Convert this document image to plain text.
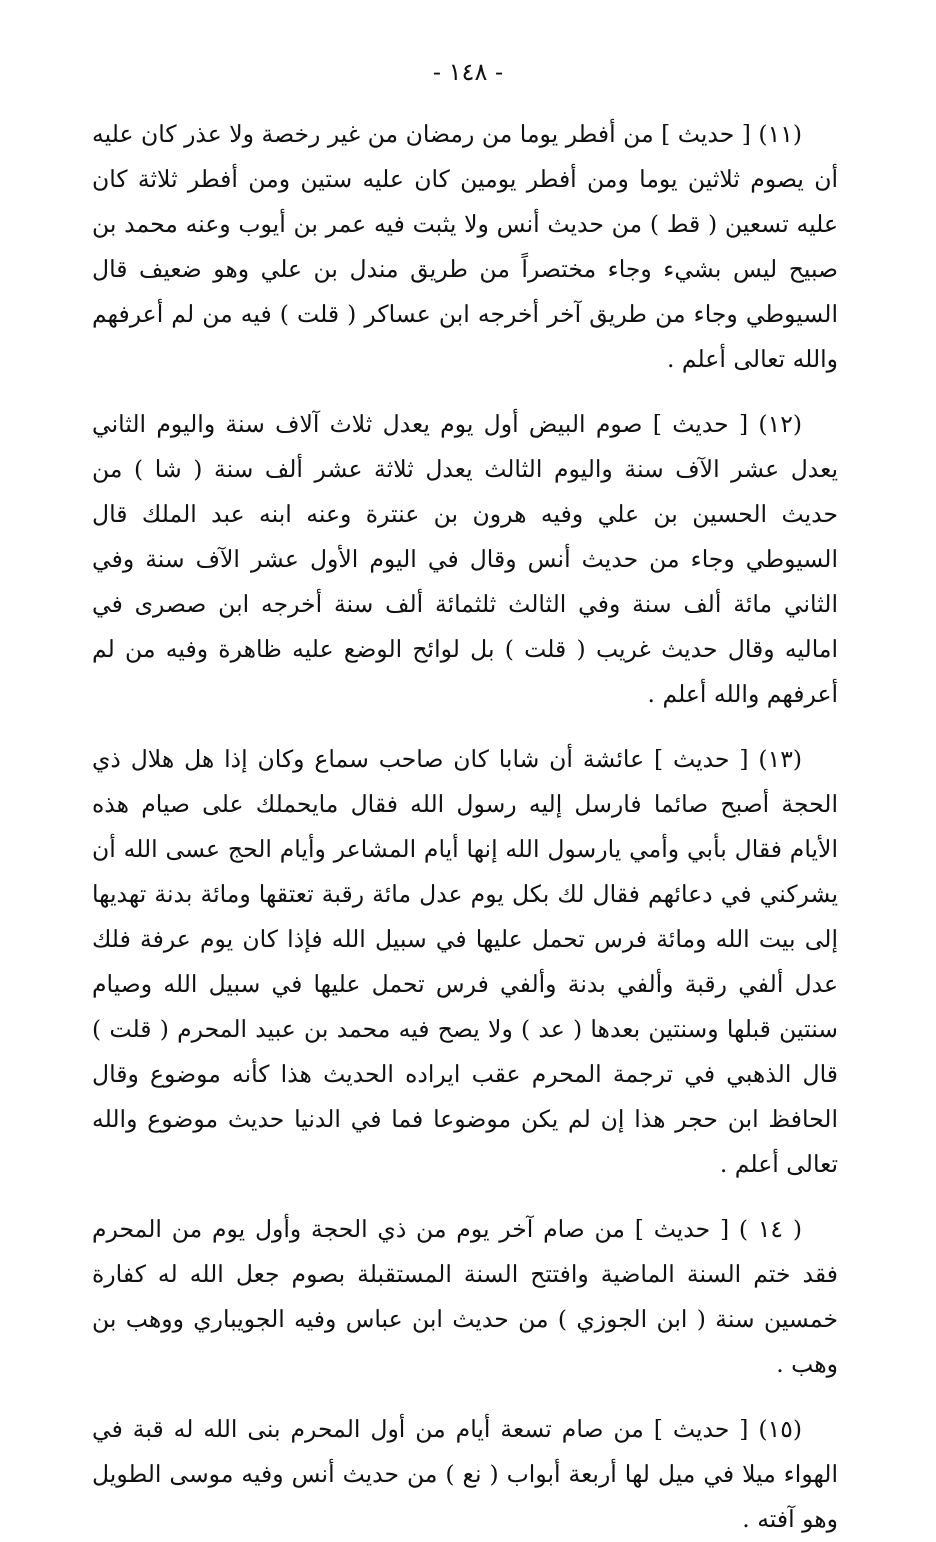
- ١٤٨ -

(١١) [ حديث ] من أفطر يوما من رمضان من غير رخصة ولا عذر كان عليه أن يصوم ثلاثين يوما ومن أفطر يومين كان عليه ستين ومن أفطر ثلاثة كان عليه تسعين ( قط ) من حديث أنس ولا يثبت فيه عمر بن أيوب وعنه محمد بن صبيح ليس بشيء وجاء مختصراً من طريق مندل بن علي وهو ضعيف قال السيوطي وجاء من طريق آخر أخرجه ابن عساكر ( قلت ) فيه من لم أعرفهم والله تعالى أعلم .

(١٢) [ حديث ] صوم البيض أول يوم يعدل ثلاث آلاف سنة واليوم الثاني يعدل عشر الآف سنة واليوم الثالث يعدل ثلاثة عشر ألف سنة ( شا ) من حديث الحسين بن علي وفيه هرون بن عنترة وعنه ابنه عبد الملك قال السيوطي وجاء من حديث أنس وقال في اليوم الأول عشر الآف سنة وفي الثاني مائة ألف سنة وفي الثالث ثلثمائة ألف سنة أخرجه ابن صصرى في اماليه وقال حديث غريب ( قلت ) بل لوائح الوضع عليه ظاهرة وفيه من لم أعرفهم والله أعلم .

(١٣) [ حديث ] عائشة أن شابا كان صاحب سماع وكان إذا هل هلال ذي الحجة أصبح صائما فارسل إليه رسول الله فقال مايحملك على صيام هذه الأيام فقال بأبي وأمي يارسول الله إنها أيام المشاعر وأيام الحج عسى الله أن يشركني في دعائهم فقال لك بكل يوم عدل مائة رقبة تعتقها ومائة بدنة تهديها إلى بيت الله ومائة فرس تحمل عليها في سبيل الله فإذا كان يوم عرفة فلك عدل ألفي رقبة وألفي بدنة وألفي فرس تحمل عليها في سبيل الله وصيام سنتين قبلها وسنتين بعدها ( عد ) ولا يصح فيه محمد بن عبيد المحرم ( قلت ) قال الذهبي في ترجمة المحرم عقب ايراده الحديث هذا كأنه موضوع وقال الحافظ ابن حجر هذا إن لم يكن موضوعا فما في الدنيا حديث موضوع والله تعالى أعلم .

( ١٤ ) [ حديث ] من صام آخر يوم من ذي الحجة وأول يوم من المحرم فقد ختم السنة الماضية وافتتح السنة المستقبلة بصوم جعل الله له كفارة خمسين سنة ( ابن الجوزي ) من حديث ابن عباس وفيه الجويباري ووهب بن وهب .

(١٥) [ حديث ] من صام تسعة أيام من أول المحرم بنى الله له قبة في الهواء ميلا في ميل لها أربعة أبواب ( نع ) من حديث أنس وفيه موسى الطويل وهو آفته .
